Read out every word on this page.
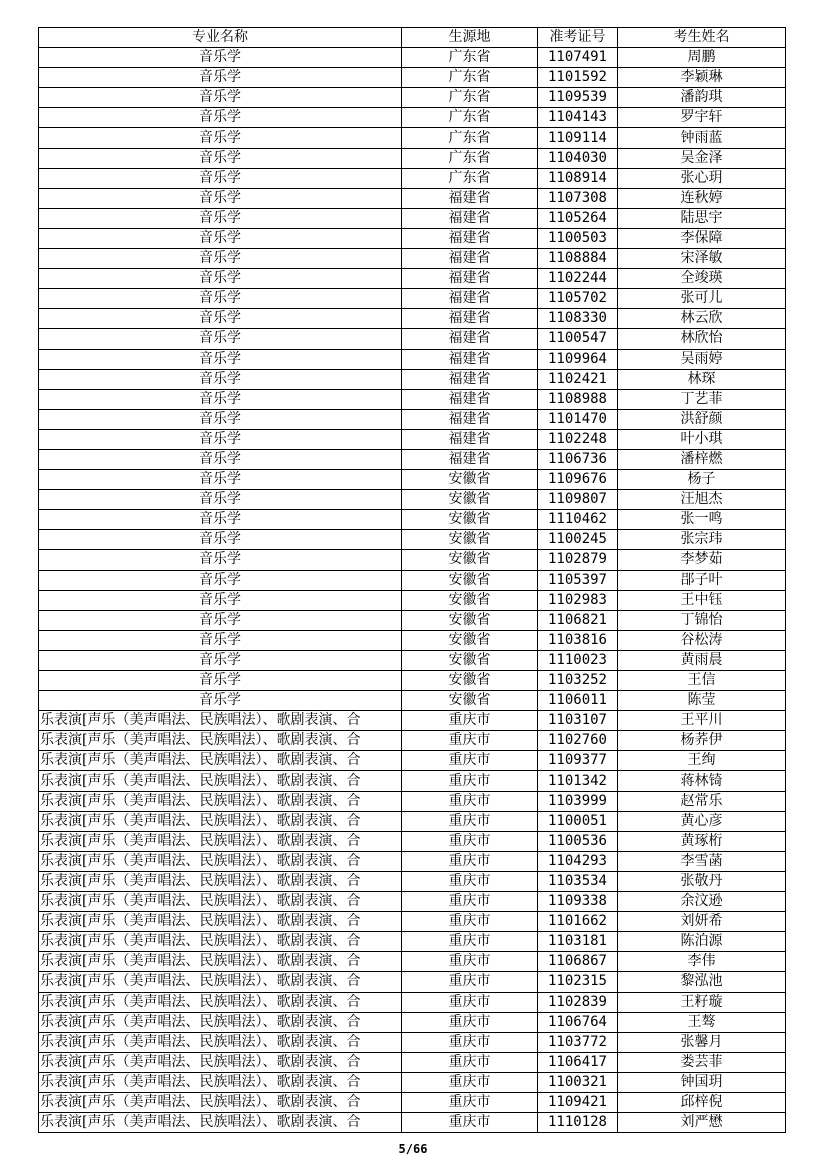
专业名称	生源地	准考证号	考生姓名
音乐学	广东省	1107491	周鹏
音乐学	广东省	1101592	李颖琳
音乐学	广东省	1109539	潘韵琪
音乐学	广东省	1104143	罗宇轩
音乐学	广东省	1109114	钟雨蓝
音乐学	广东省	1104030	吴金泽
音乐学	广东省	1108914	张心玥
音乐学	福建省	1107308	连秋婷
音乐学	福建省	1105264	陆思宇
音乐学	福建省	1100503	李保障
音乐学	福建省	1108884	宋泽敏
音乐学	福建省	1102244	全竣瑛
音乐学	福建省	1105702	张可儿
音乐学	福建省	1108330	林云欣
音乐学	福建省	1100547	林欣怡
音乐学	福建省	1109964	吴雨婷
音乐学	福建省	1102421	林琛
音乐学	福建省	1108988	丁艺菲
音乐学	福建省	1101470	洪舒颜
音乐学	福建省	1102248	叶小琪
音乐学	福建省	1106736	潘梓燃
音乐学	安徽省	1109676	杨子
音乐学	安徽省	1109807	汪旭杰
音乐学	安徽省	1110462	张一鸣
音乐学	安徽省	1100245	张宗玮
音乐学	安徽省	1102879	李梦茹
音乐学	安徽省	1105397	郘子叶
音乐学	安徽省	1102983	王中钰
音乐学	安徽省	1106821	丁锦怡
音乐学	安徽省	1103816	谷松涛
音乐学	安徽省	1110023	黄雨晨
音乐学	安徽省	1103252	王信
音乐学	安徽省	1106011	陈莹
乐表演[声乐（美声唱法、民族唱法）、歌剧表演、合	重庆市	1103107	王平川
乐表演[声乐（美声唱法、民族唱法）、歌剧表演、合	重庆市	1102760	杨荞伊
乐表演[声乐（美声唱法、民族唱法）、歌剧表演、合	重庆市	1109377	王绚
乐表演[声乐（美声唱法、民族唱法）、歌剧表演、合	重庆市	1101342	蒋林锜
乐表演[声乐（美声唱法、民族唱法）、歌剧表演、合	重庆市	1103999	赵常乐
乐表演[声乐（美声唱法、民族唱法）、歌剧表演、合	重庆市	1100051	黄心彦
乐表演[声乐（美声唱法、民族唱法）、歌剧表演、合	重庆市	1100536	黄琢桁
乐表演[声乐（美声唱法、民族唱法）、歌剧表演、合	重庆市	1104293	李雪菡
乐表演[声乐（美声唱法、民族唱法）、歌剧表演、合	重庆市	1103534	张敬丹
乐表演[声乐（美声唱法、民族唱法）、歌剧表演、合	重庆市	1109338	余汶逊
乐表演[声乐（美声唱法、民族唱法）、歌剧表演、合	重庆市	1101662	刘妍希
乐表演[声乐（美声唱法、民族唱法）、歌剧表演、合	重庆市	1103181	陈泊源
乐表演[声乐（美声唱法、民族唱法）、歌剧表演、合	重庆市	1106867	李伟
乐表演[声乐（美声唱法、民族唱法）、歌剧表演、合	重庆市	1102315	黎泓池
乐表演[声乐（美声唱法、民族唱法）、歌剧表演、合	重庆市	1102839	王籽璇
乐表演[声乐（美声唱法、民族唱法）、歌剧表演、合	重庆市	1106764	王骜
乐表演[声乐（美声唱法、民族唱法）、歌剧表演、合	重庆市	1103772	张馨月
乐表演[声乐（美声唱法、民族唱法）、歌剧表演、合	重庆市	1106417	娄芸菲
乐表演[声乐（美声唱法、民族唱法）、歌剧表演、合	重庆市	1100321	钟国玥
乐表演[声乐（美声唱法、民族唱法）、歌剧表演、合	重庆市	1109421	邱梓倪
乐表演[声乐（美声唱法、民族唱法）、歌剧表演、合	重庆市	1110128	刘严懋
5/66
